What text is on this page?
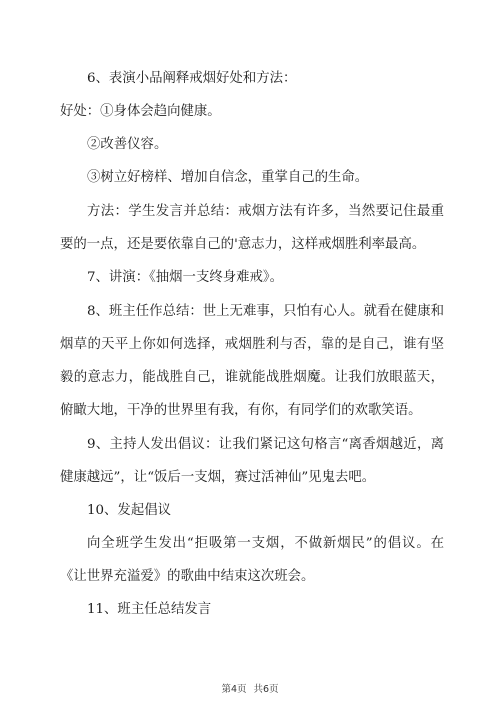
6、表演小品阐释戒烟好处和方法：

好处：①身体会趋向健康。

②改善仪容。

③树立好榜样、增加自信念，重掌自己的生命。

方法：学生发言并总结：戒烟方法有许多，当然要记住最重要的一点，还是要依靠自己的'意志力，这样戒烟胜利率最高。

7、讲演：《抽烟一支终身难戒》。

8、班主任作总结：世上无难事，只怕有心人。就看在健康和烟草的天平上你如何选择，戒烟胜利与否，靠的是自己，谁有坚毅的意志力，能战胜自己，谁就能战胜烟魔。让我们放眼蓝天，俯瞰大地，干净的世界里有我，有你，有同学们的欢歌笑语。

9、主持人发出倡议：让我们紧记这句格言“离香烟越近，离健康越远”，让“饭后一支烟，赛过活神仙”见鬼去吧。

10、发起倡议

向全班学生发出“拒吸第一支烟，不做新烟民”的倡议。在《让世界充溢爱》的歌曲中结束这次班会。

11、班主任总结发言

第4页 共6页
